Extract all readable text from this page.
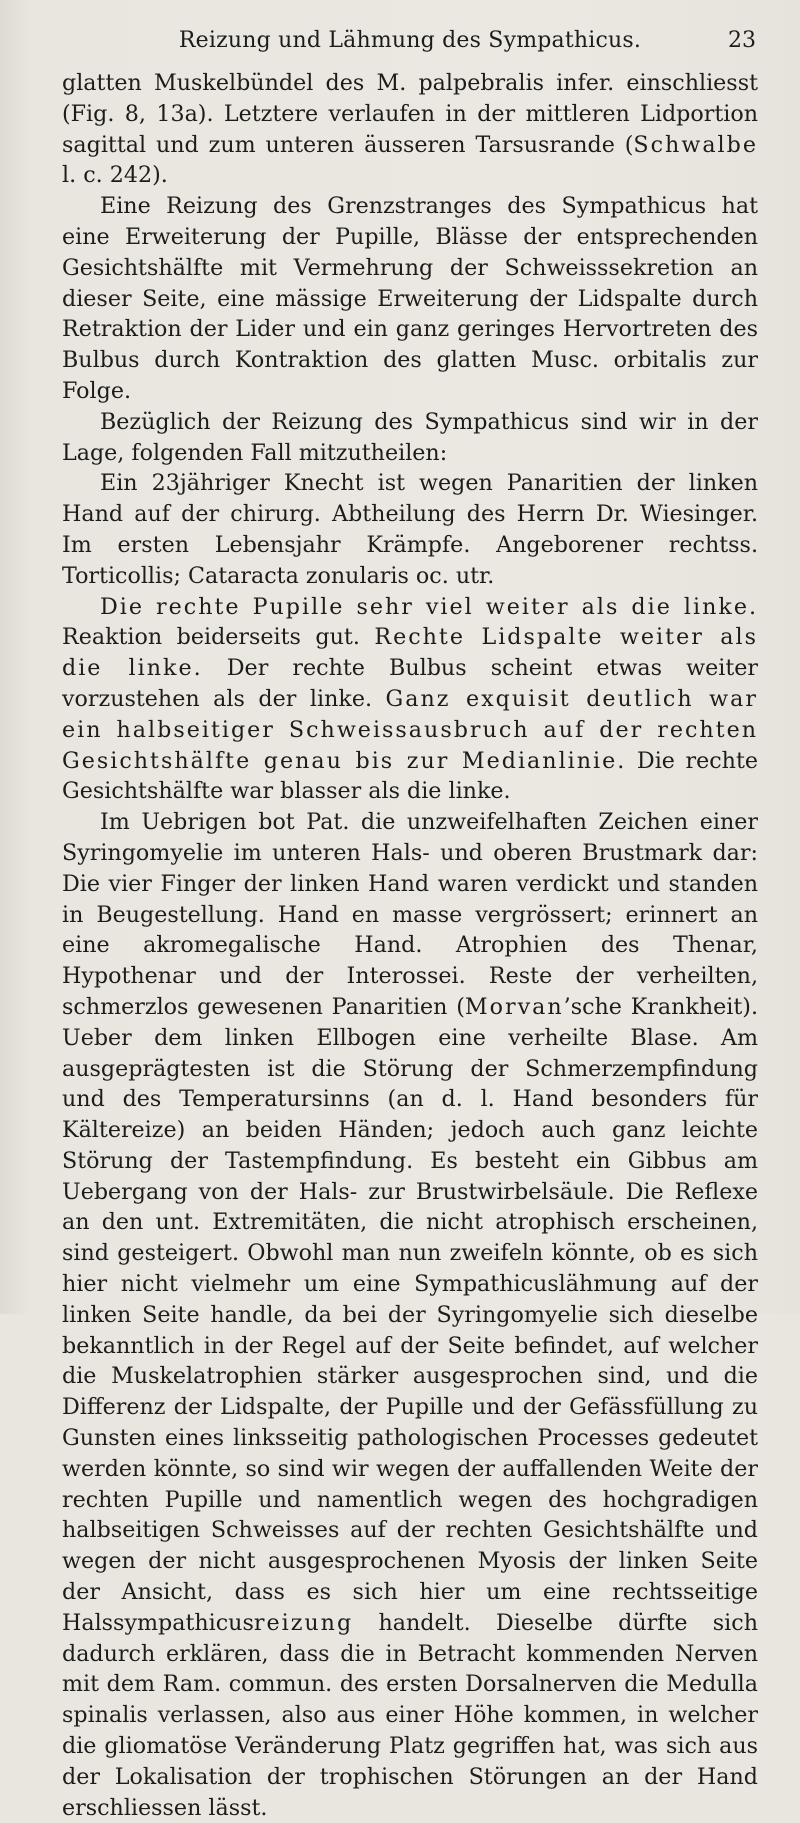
Reizung und Lähmung des Sympathicus.	23

glatten Muskelbündel des M. palpebralis infer. einschliesst (Fig. 8, 13a). Letztere verlaufen in der mittleren Lidportion sagittal und zum unteren äusseren Tarsusrande (Schwalbe l. c. 242).

Eine Reizung des Grenzstranges des Sympathicus hat eine Erweiterung der Pupille, Blässe der entsprechenden Gesichtshälfte mit Vermehrung der Schweisssekretion an dieser Seite, eine mässige Erweiterung der Lidspalte durch Retraktion der Lider und ein ganz geringes Hervortreten des Bulbus durch Kontraktion des glatten Musc. orbitalis zur Folge.

Bezüglich der Reizung des Sympathicus sind wir in der Lage, folgenden Fall mitzutheilen:

Ein 23jähriger Knecht ist wegen Panaritien der linken Hand auf der chirurg. Abtheilung des Herrn Dr. Wiesinger. Im ersten Lebensjahr Krämpfe. Angeborener rechtss. Torticollis; Cataracta zonularis oc. utr.

Die rechte Pupille sehr viel weiter als die linke. Reaktion beiderseits gut. Rechte Lidspalte weiter als die linke. Der rechte Bulbus scheint etwas weiter vorzustehen als der linke. Ganz exquisit deutlich war ein halbseitiger Schweissausbruch auf der rechten Gesichtshälfte genau bis zur Medianlinie. Die rechte Gesichtshälfte war blasser als die linke.

Im Uebrigen bot Pat. die unzweifelhaften Zeichen einer Syringomyelie im unteren Hals- und oberen Brustmark dar: Die vier Finger der linken Hand waren verdickt und standen in Beugestellung. Hand en masse vergrössert; erinnert an eine akromegalische Hand. Atrophien des Thenar, Hypothenar und der Interossei. Reste der verheilten, schmerzlos gewesenen Panaritien (Morvan’sche Krankheit). Ueber dem linken Ellbogen eine verheilte Blase. Am ausgeprägtesten ist die Störung der Schmerzempfindung und des Temperatursinns (an d. l. Hand besonders für Kältereize) an beiden Händen; jedoch auch ganz leichte Störung der Tastempfindung. Es besteht ein Gibbus am Uebergang von der Hals- zur Brustwirbelsäule. Die Reflexe an den unt. Extremitäten, die nicht atrophisch erscheinen, sind gesteigert. Obwohl man nun zweifeln könnte, ob es sich hier nicht vielmehr um eine Sympathicuslähmung auf der linken Seite handle, da bei der Syringomyelie sich dieselbe bekanntlich in der Regel auf der Seite befindet, auf welcher die Muskelatrophien stärker ausgesprochen sind, und die Differenz der Lidspalte, der Pupille und der Gefässfüllung zu Gunsten eines linksseitig pathologischen Processes gedeutet werden könnte, so sind wir wegen der auffallenden Weite der rechten Pupille und namentlich wegen des hochgradigen halbseitigen Schweisses auf der rechten Gesichtshälfte und wegen der nicht ausgesprochenen Myosis der linken Seite der Ansicht, dass es sich hier um eine rechtsseitige Halssympathicusreizung handelt. Dieselbe dürfte sich dadurch erklären, dass die in Betracht kommenden Nerven mit dem Ram. commun. des ersten Dorsalnerven die Medulla spinalis verlassen, also aus einer Höhe kommen, in welcher die gliomatöse Veränderung Platz gegriffen hat, was sich aus der Lokalisation der trophischen Störungen an der Hand erschliessen lässt.
